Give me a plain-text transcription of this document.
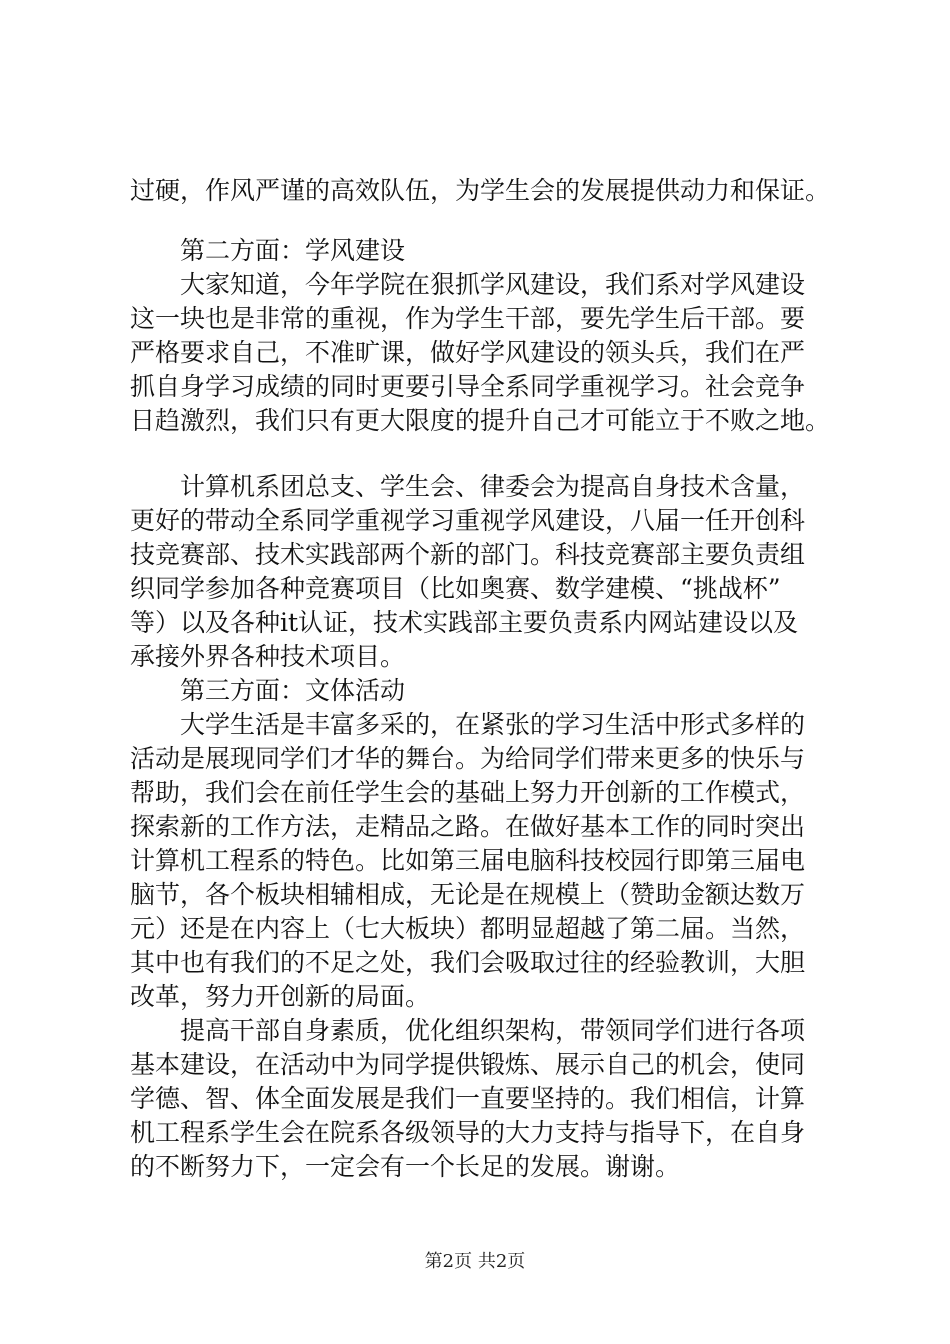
过硬，作风严谨的高效队伍，为学生会的发展提供动力和保证。
第二方面：学风建设
大家知道，今年学院在狠抓学风建设，我们系对学风建设
这一块也是非常的重视，作为学生干部，要先学生后干部。要
严格要求自己，不准旷课，做好学风建设的领头兵，我们在严
抓自身学习成绩的同时更要引导全系同学重视学习。社会竞争
日趋激烈，我们只有更大限度的提升自己才可能立于不败之地。
计算机系团总支、学生会、律委会为提高自身技术含量，
更好的带动全系同学重视学习重视学风建设，八届一任开创科
技竞赛部、技术实践部两个新的部门。科技竞赛部主要负责组
织同学参加各种竞赛项目（比如奥赛、数学建模、“挑战杯”
等）以及各种it认证，技术实践部主要负责系内网站建设以及
承接外界各种技术项目。
第三方面：文体活动
大学生活是丰富多采的，在紧张的学习生活中形式多样的
活动是展现同学们才华的舞台。为给同学们带来更多的快乐与
帮助，我们会在前任学生会的基础上努力开创新的工作模式，
探索新的工作方法，走精品之路。在做好基本工作的同时突出
计算机工程系的特色。比如第三届电脑科技校园行即第三届电
脑节，各个板块相辅相成，无论是在规模上（赞助金额达数万
元）还是在内容上（七大板块）都明显超越了第二届。当然，
其中也有我们的不足之处，我们会吸取过往的经验教训，大胆
改革，努力开创新的局面。
提高干部自身素质，优化组织架构，带领同学们进行各项
基本建设，在活动中为同学提供锻炼、展示自己的机会，使同
学德、智、体全面发展是我们一直要坚持的。我们相信，计算
机工程系学生会在院系各级领导的大力支持与指导下，在自身
的不断努力下，一定会有一个长足的发展。谢谢。
第2页 共2页
